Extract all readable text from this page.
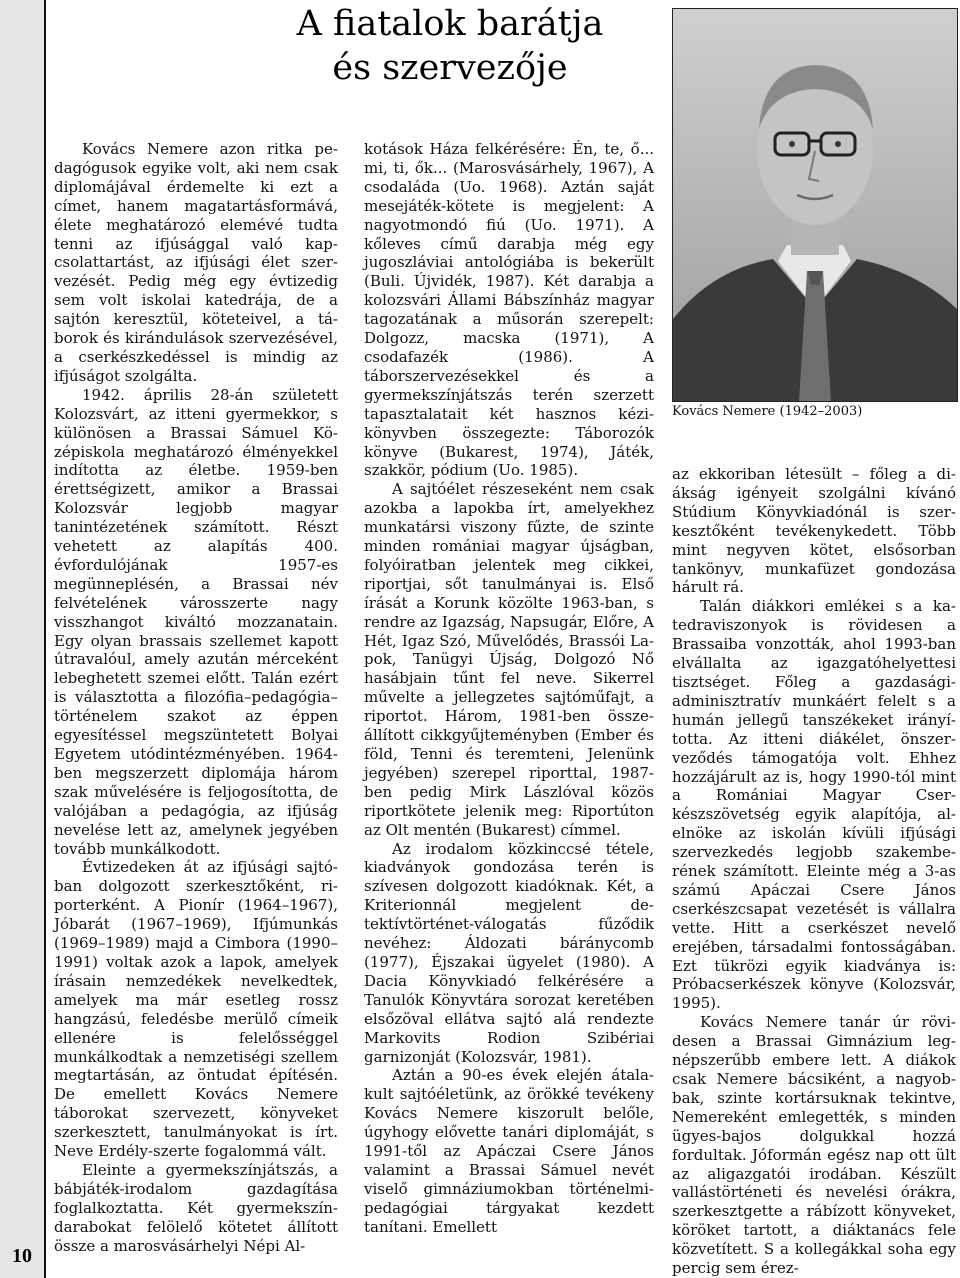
10
A fiatalok barátja
és szervezője
Kovács Nemere (1942–2003)

Kovács Nemere azon ritka pedagógusok egyike volt, aki nem csak diplomájával érdemelte ki ezt a címet, hanem magatartásformává, élete meghatározó elemévé tudta tenni az ifjúsággal való kapcsolattartást, az ifjúsági élet szervezését. Pedig még egy évtizedig sem volt iskolai katedrája, de a sajtón keresztül, köteteivel, a táborok és kirándulások szervezésével, a cserkészkedéssel is mindig az ifjúságot szolgálta.

1942. április 28-án született Kolozsvárt, az itteni gyermekkor, s különösen a Brassai Sámuel Középiskola meghatározó élményekkel indította az életbe. 1959-ben érettségizett, amikor a Brassai Kolozsvár legjobb magyar tanintézetének számított. Részt vehetett az alapítás 400. évfordulójának 1957-es megünneplésén, a Brassai név felvételének városszerte nagy visszhangot kiváltó mozzanatain. Egy olyan brassais szellemet kapott útravalóul, amely azután mérceként lebeghetett szemei előtt. Talán ezért is választotta a filozófia–pedagógia–történelem szakot az éppen egyesítéssel megszüntetett Bolyai Egyetem utódintézményében. 1964-ben megszerzett diplomája három szak művelésére is feljogosította, de valójában a pedagógia, az ifjúság nevelése lett az, amelynek jegyében tovább munkálkodott.

Évtizedeken át az ifjúsági sajtóban dolgozott szerkesztőként, riporterként. A Pionír (1964–1967), Jóbarát (1967–1969), Ifjúmunkás (1969–1989) majd a Cimbora (1990–1991) voltak azok a lapok, amelyek írásain nemzedékek nevelkedtek, amelyek ma már esetleg rossz hangzású, feledésbe merülő címeik ellenére is felelősséggel munkálkodtak a nemzetiségi szellem megtartásán, az öntudat építésén. De emellett Kovács Nemere táborokat szervezett, könyveket szerkesztett, tanulmányokat is írt. Neve Erdély-szerte fogalommá vált.

Eleinte a gyermekszínjátszás, a bábjáték-irodalom gazdagítása foglalkoztatta. Két gyermekszíndarabokat felölelő kötetet állított össze a marosvásárhelyi Népi Al-

kotások Háza felkérésére: Én, te, ő... mi, ti, ők... (Marosvásárhely, 1967), A csodaláda (Uo. 1968). Aztán saját mesejáték-kötete is megjelent: A nagyotmondó fiú (Uo. 1971). A kőleves című darabja még egy jugoszláviai antológiába is bekerült (Buli. Újvidék, 1987). Két darabja a kolozsvári Állami Bábszínház magyar tagozatának a műsorán szerepelt: Dolgozz, macska (1971), A csodafazék (1986). A táborszervezésekkel és a gyermekszínjátszás terén szerzett tapasztalatait két hasznos kézikönyvben összegezte: Táborozók könyve (Bukarest, 1974), Játék, szakkör, pódium (Uo. 1985).

A sajtóélet részeseként nem csak azokba a lapokba írt, amelyekhez munkatársi viszony fűzte, de szinte minden romániai magyar újságban, folyóiratban jelentek meg cikkei, riportjai, sőt tanulmányai is. Első írását a Korunk közölte 1963-ban, s rendre az Igazság, Napsugár, Előre, A Hét, Igaz Szó, Művelődés, Brassói Lapok, Tanügyi Újság, Dolgozó Nő hasábjain tűnt fel neve. Sikerrel művelte a jellegzetes sajtóműfajt, a riportot. Három, 1981-ben összeállított cikkgyűjteményben (Ember és föld, Tenni és teremteni, Jelenünk jegyében) szerepel riporttal, 1987-ben pedig Mirk Lászlóval közös riportkötete jelenik meg: Riportúton az Olt mentén (Bukarest) címmel.

Az irodalom közkinccsé tétele, kiadványok gondozása terén is szívesen dolgozott kiadóknak. Két, a Kriterionnál megjelent detektívtörténet-válogatás fűződik nevéhez: Áldozati báránycomb (1977), Éjszakai ügyelet (1980). A Dacia Könyvkiadó felkérésére a Tanulók Könyvtára sorozat keretében elsőzöval ellátva sajtó alá rendezte Markovits Rodion Szibériai garnizonját (Kolozsvár, 1981).

Aztán a 90-es évek elején átalakult sajtóéletünk, az örökké tevékeny Kovács Nemere kiszorult belőle, úgyhogy elővette tanári diplomáját, s 1991-től az Apáczai Csere János valamint a Brassai Sámuel nevét viselő gimnáziumokban történelmi-pedagógiai tárgyakat kezdett tanítani. Emellett

az ekkoriban létesült – főleg a diákság igényeit szolgálni kívánó Stúdium Könyvkiadónál is szerkesztőként tevékenykedett. Több mint negyven kötet, elsősorban tankönyv, munkafüzet gondozása hárult rá.

Talán diákkori emlékei s a katedraviszonyok is rövidesen a Brassaiba vonzották, ahol 1993-ban elvállalta az igazgatóhelyettesi tisztséget. Főleg a gazdasági-adminisztratív munkáért felelt s a humán jellegű tanszékeket irányította. Az itteni diákélet, önszerveződés támogatója volt. Ehhez hozzájárult az is, hogy 1990-tól mint a Romániai Magyar Cserkészszövetség egyik alapítója, alelnöke az iskolán kívüli ifjúsági szervezkedés legjobb szakemberének számított. Eleinte még a 3-as számú Apáczai Csere János cserkészcsapat vezetését is vállalra vette. Hitt a cserkészet nevelő erejében, társadalmi fontosságában. Ezt tükrözi egyik kiadványa is: Próbacserkészek könyve (Kolozsvár, 1995).

Kovács Nemere tanár úr rövidesen a Brassai Gimnázium legnépszerűbb embere lett. A diákok csak Nemere bácsiként, a nagyobbak, szinte kortársuknak tekintve, Nemereként emlegették, s minden ügyes-bajos dolgukkal hozzá fordultak. Jóformán egész nap ott ült az aligazgatói irodában. Készült vallástörténeti és nevelési órákra, szerkesztgette a rábízott könyveket, köröket tartott, a diáktanács fele közvetített. S a kollegákkal soha egy percig sem érez-
